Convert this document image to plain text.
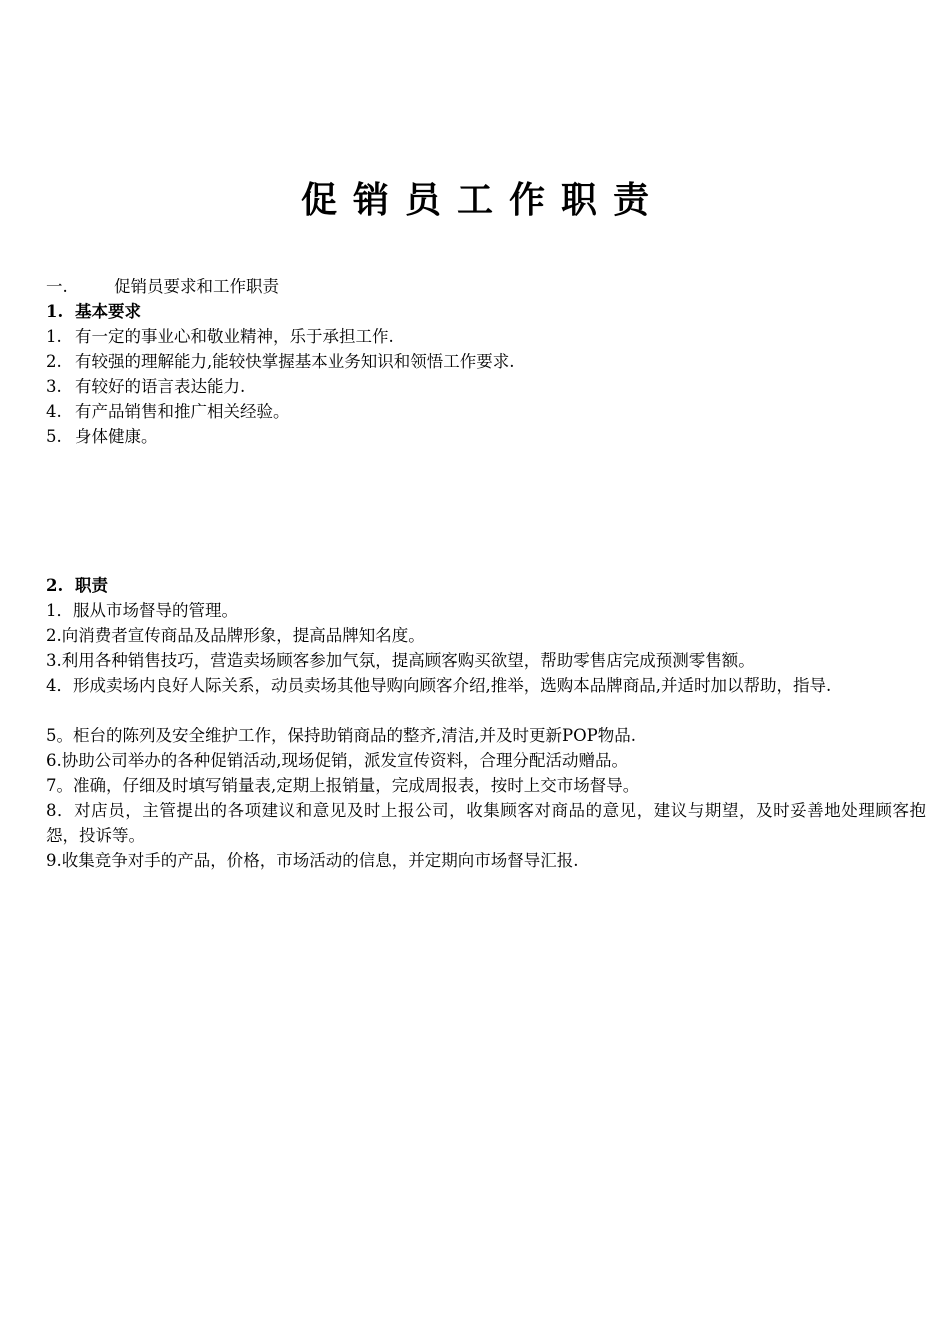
促销员工作职责
一.	促销员要求和工作职责
1. 基本要求
1. 有一定的事业心和敬业精神，乐于承担工作.
2. 有较强的理解能力,能较快掌握基本业务知识和领悟工作要求.
3. 有较好的语言表达能力.
4. 有产品销售和推广相关经验。
5. 身体健康。
2. 职责
1．服从市场督导的管理。
2.向消费者宣传商品及品牌形象，提高品牌知名度。
3.利用各种销售技巧，营造卖场顾客参加气氛，提高顾客购买欲望，帮助零售店完成预测零售额。
4．形成卖场内良好人际关系，动员卖场其他导购向顾客介绍,推举，选购本品牌商品,并适时加以帮助，指导.
5。柜台的陈列及安全维护工作，保持助销商品的整齐,清洁,并及时更新POP物品.
6.协助公司举办的各种促销活动,现场促销，派发宣传资料，合理分配活动赠品。
7。准确，仔细及时填写销量表,定期上报销量，完成周报表，按时上交市场督导。
8．对店员，主管提出的各项建议和意见及时上报公司，收集顾客对商品的意见，建议与期望，及时妥善地处理顾客抱怨，投诉等。
9.收集竞争对手的产品，价格，市场活动的信息，并定期向市场督导汇报.
